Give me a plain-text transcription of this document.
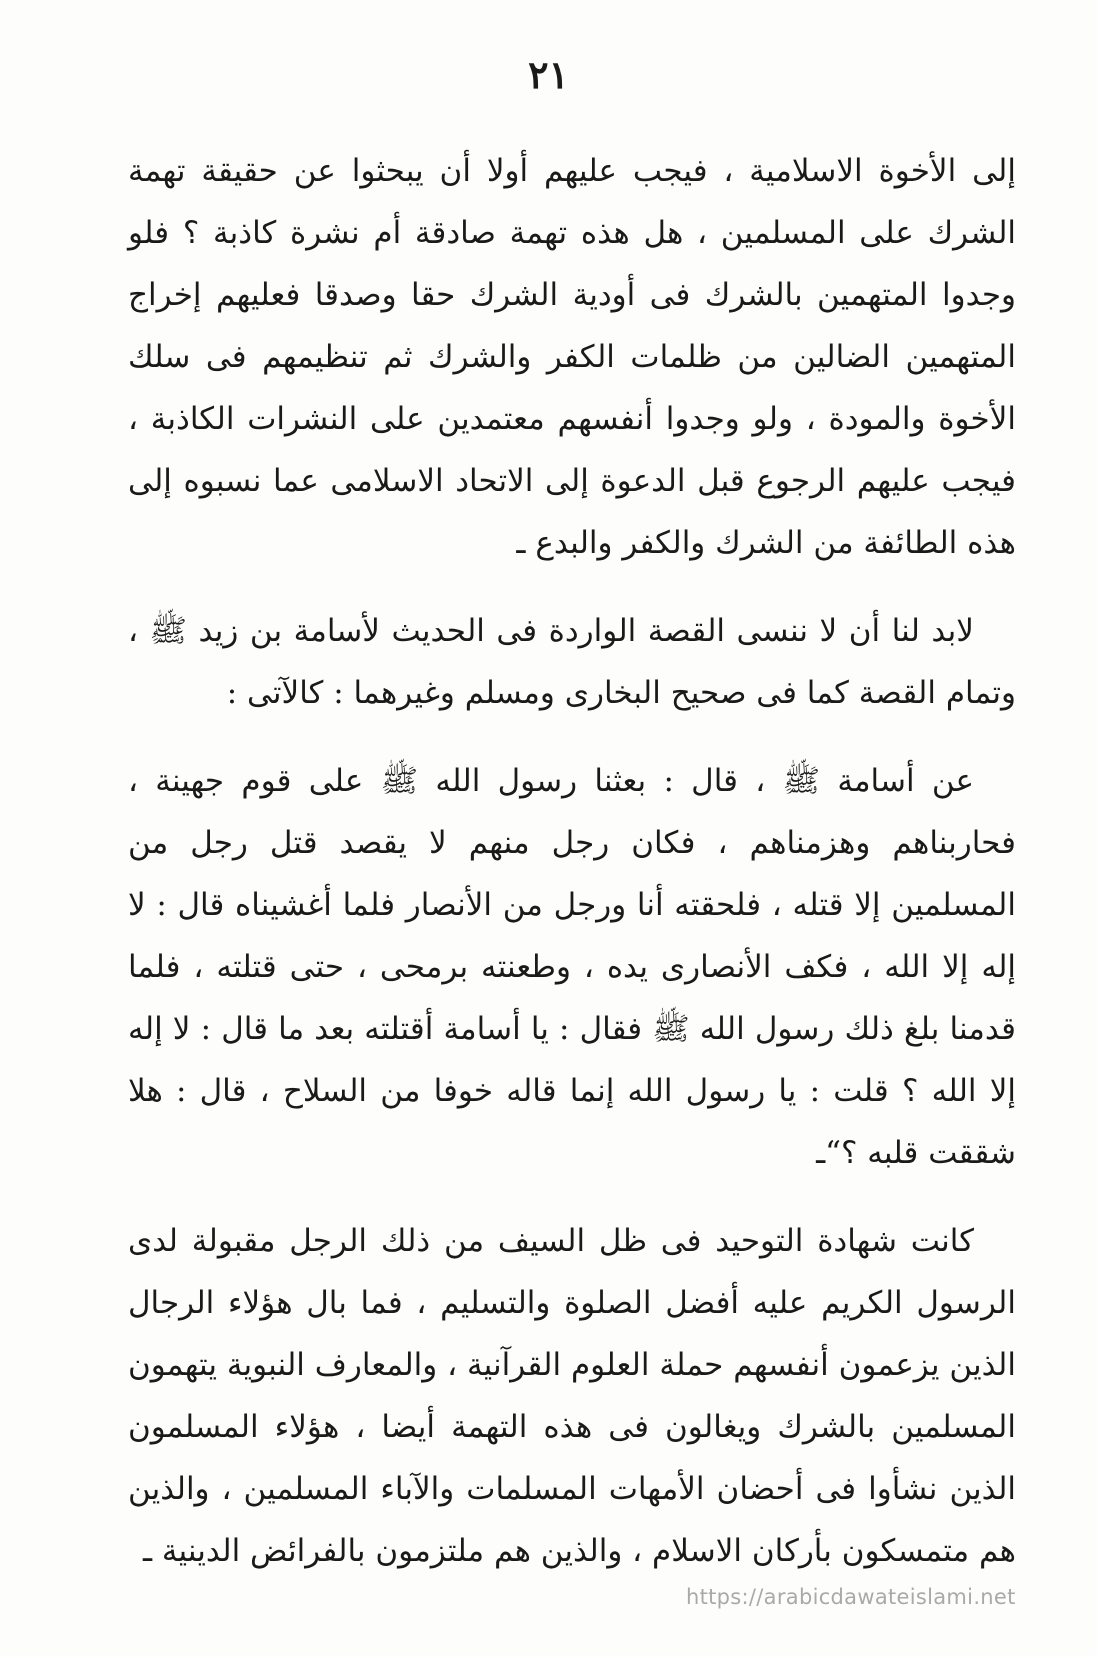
٢١

إلى الأخوة الاسلامية ، فيجب عليهم أولا أن يبحثوا عن حقيقة تهمة الشرك على المسلمين ، هل هذه تهمة صادقة أم نشرة كاذبة ؟ فلو وجدوا المتهمين بالشرك فى أودية الشرك حقا وصدقا فعليهم إخراج المتهمين الضالين من ظلمات الكفر والشرك ثم تنظيمهم فى سلك الأخوة والمودة ، ولو وجدوا أنفسهم معتمدين على النشرات الكاذبة ، فيجب عليهم الرجوع قبل الدعوة إلى الاتحاد الاسلامى عما نسبوه إلى هذه الطائفة من الشرك والكفر والبدع ـ

لابد لنا أن لا ننسى القصة الواردة فى الحديث لأسامة بن زيد ﷺ ، وتمام القصة كما فى صحيح البخارى ومسلم وغيرهما : كالآتى :

عن أسامة ﷺ ، قال : بعثنا رسول الله ﷺ على قوم جهينة ، فحاربناهم وهزمناهم ، فكان رجل منهم لا يقصد قتل رجل من المسلمين إلا قتله ، فلحقته أنا ورجل من الأنصار فلما أغشيناه قال : لا إله إلا الله ، فكف الأنصارى يده ، وطعنته برمحى ، حتى قتلته ، فلما قدمنا بلغ ذلك رسول الله ﷺ فقال : يا أسامة أقتلته بعد ما قال : لا إله إلا الله ؟ قلت : يا رسول الله إنما قاله خوفا من السلاح ، قال : هلا شققت قلبه ؟“ـ

كانت شهادة التوحيد فى ظل السيف من ذلك الرجل مقبولة لدى الرسول الكريم عليه أفضل الصلوة والتسليم ، فما بال هؤلاء الرجال الذين يزعمون أنفسهم حملة العلوم القرآنية ، والمعارف النبوية يتهمون المسلمين بالشرك ويغالون فى هذه التهمة أيضا ، هؤلاء المسلمون الذين نشأوا فى أحضان الأمهات المسلمات والآباء المسلمين ، والذين هم متمسكون بأركان الاسلام ، والذين هم ملتزمون بالفرائض الدينية ـ

https://arabicdawateislami.net
